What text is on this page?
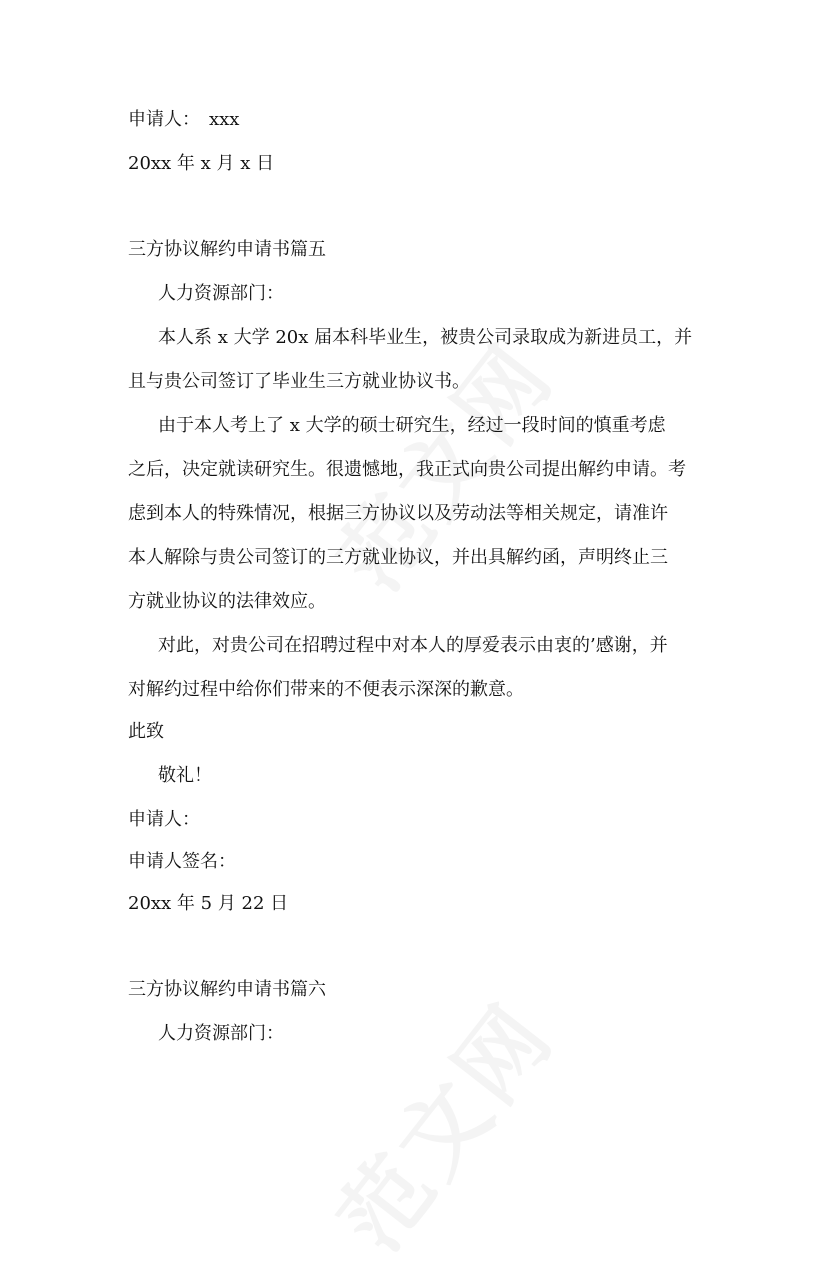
申请人：　xxx
20xx 年 x 月 x 日
三方协议解约申请书篇五
人力资源部门：
本人系 x 大学 20x 届本科毕业生，被贵公司录取成为新进员工，并
且与贵公司签订了毕业生三方就业协议书。
由于本人考上了 x 大学的硕士研究生，经过一段时间的慎重考虑
之后，决定就读研究生。很遗憾地，我正式向贵公司提出解约申请。考
虑到本人的特殊情况，根据三方协议以及劳动法等相关规定，请准许
本人解除与贵公司签订的三方就业协议，并出具解约函，声明终止三
方就业协议的法律效应。
对此，对贵公司在招聘过程中对本人的厚爱表示由衷的’感谢，并
对解约过程中给你们带来的不便表示深深的歉意。
此致
敬礼！
申请人：
申请人签名：
20xx 年 5 月 22 日
三方协议解约申请书篇六
人力资源部门：
